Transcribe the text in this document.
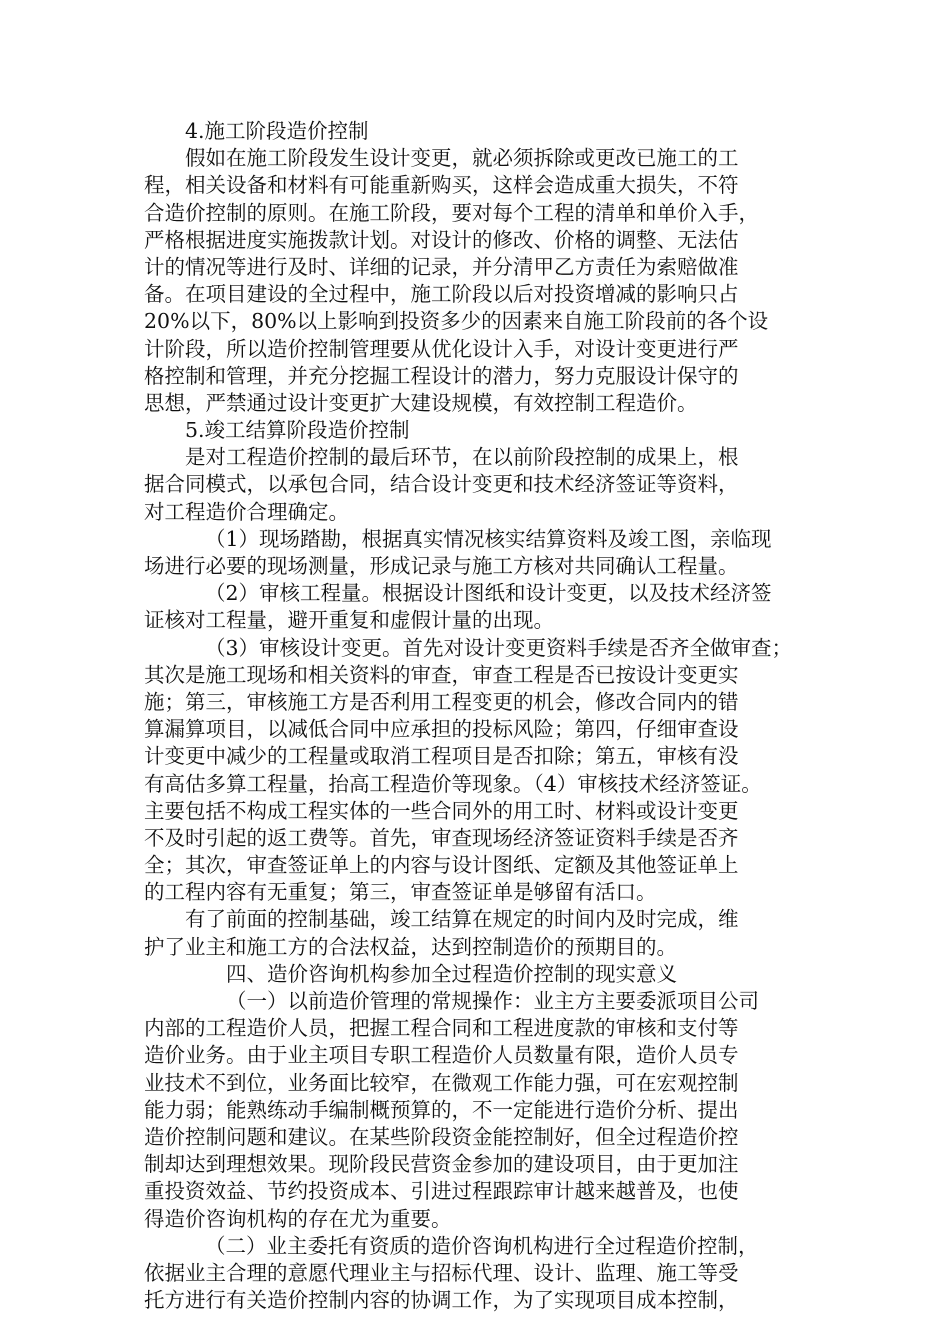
4.施工阶段造价控制
假如在施工阶段发生设计变更，就必须拆除或更改已施工的工
程，相关设备和材料有可能重新购买，这样会造成重大损失，不符
合造价控制的原则。在施工阶段，要对每个工程的清单和单价入手，
严格根据进度实施拨款计划。对设计的修改、价格的调整、无法估
计的情况等进行及时、详细的记录，并分清甲乙方责任为索赔做准
备。在项目建设的全过程中，施工阶段以后对投资增减的影响只占
20%以下，80%以上影响到投资多少的因素来自施工阶段前的各个设
计阶段，所以造价控制管理要从优化设计入手，对设计变更进行严
格控制和管理，并充分挖掘工程设计的潜力，努力克服设计保守的
思想，严禁通过设计变更扩大建设规模，有效控制工程造价。
5.竣工结算阶段造价控制
是对工程造价控制的最后环节，在以前阶段控制的成果上，根
据合同模式，以承包合同，结合设计变更和技术经济签证等资料，
对工程造价合理确定。
（1）现场踏勘，根据真实情况核实结算资料及竣工图，亲临现
场进行必要的现场测量，形成记录与施工方核对共同确认工程量。
（2）审核工程量。根据设计图纸和设计变更，以及技术经济签
证核对工程量，避开重复和虚假计量的出现。
（3）审核设计变更。首先对设计变更资料手续是否齐全做审查；
其次是施工现场和相关资料的审查，审查工程是否已按设计变更实
施；第三，审核施工方是否利用工程变更的机会，修改合同内的错
算漏算项目，以减低合同中应承担的投标风险；第四，仔细审查设
计变更中减少的工程量或取消工程项目是否扣除；第五，审核有没
有高估多算工程量，抬高工程造价等现象。（4）审核技术经济签证。
主要包括不构成工程实体的一些合同外的用工时、材料或设计变更
不及时引起的返工费等。首先，审查现场经济签证资料手续是否齐
全；其次，审查签证单上的内容与设计图纸、定额及其他签证单上
的工程内容有无重复；第三，审查签证单是够留有活口。
有了前面的控制基础，竣工结算在规定的时间内及时完成，维
护了业主和施工方的合法权益，达到控制造价的预期目的。
四、造价咨询机构参加全过程造价控制的现实意义
（一）以前造价管理的常规操作：业主方主要委派项目公司
内部的工程造价人员，把握工程合同和工程进度款的审核和支付等
造价业务。由于业主项目专职工程造价人员数量有限，造价人员专
业技术不到位，业务面比较窄，在微观工作能力强，可在宏观控制
能力弱；能熟练动手编制概预算的，不一定能进行造价分析、提出
造价控制问题和建议。在某些阶段资金能控制好，但全过程造价控
制却达到理想效果。现阶段民营资金参加的建设项目，由于更加注
重投资效益、节约投资成本、引进过程跟踪审计越来越普及，也使
得造价咨询机构的存在尤为重要。
（二）业主委托有资质的造价咨询机构进行全过程造价控制，
依据业主合理的意愿代理业主与招标代理、设计、监理、施工等受
托方进行有关造价控制内容的协调工作，为了实现项目成本控制，
